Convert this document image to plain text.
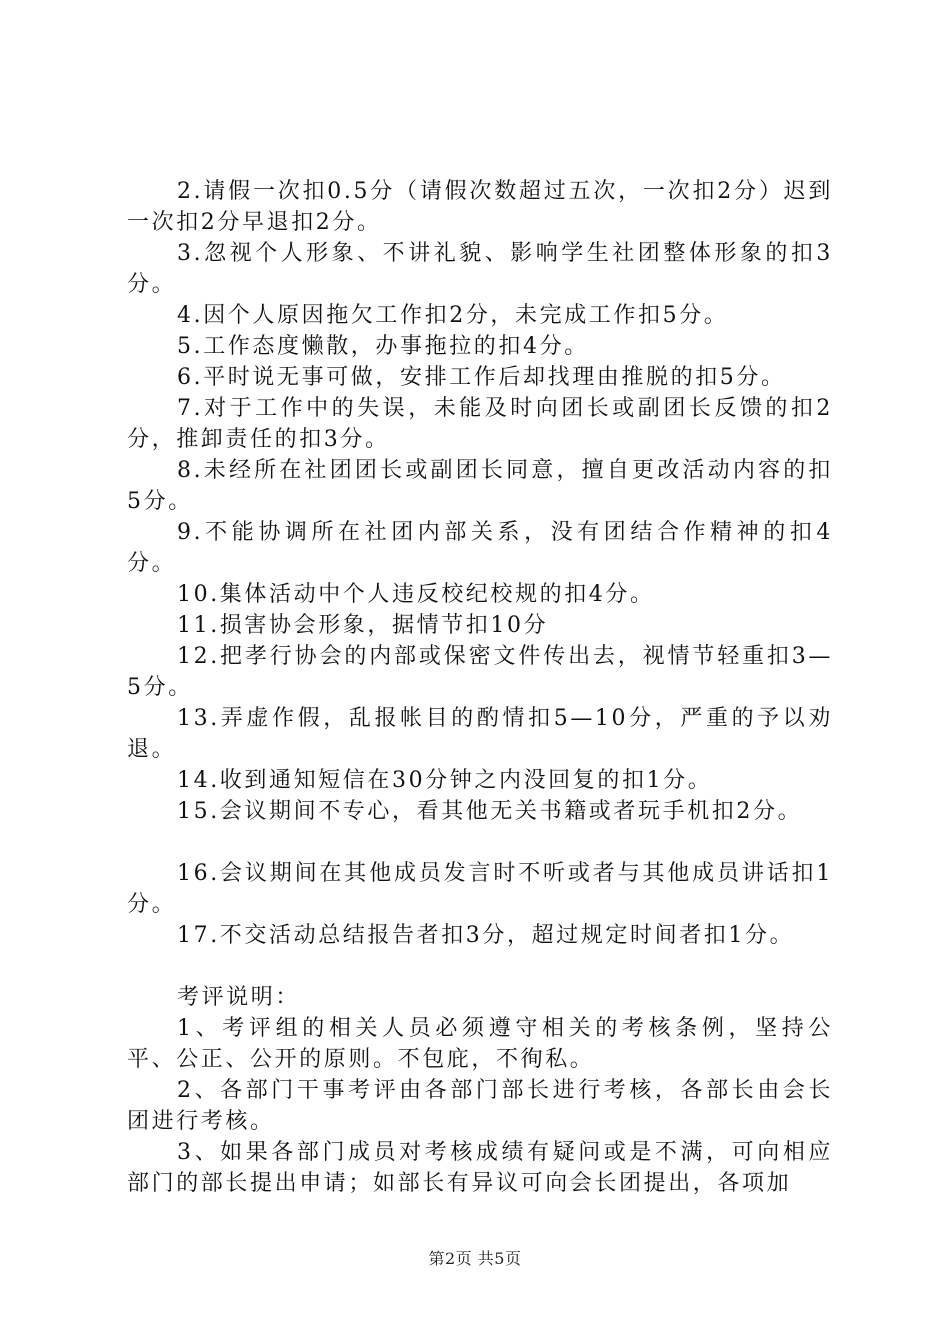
2.请假一次扣0.5分（请假次数超过五次，一次扣2分）迟到一次扣2分早退扣2分。

3.忽视个人形象、不讲礼貌、影响学生社团整体形象的扣3分。

4.因个人原因拖欠工作扣2分，未完成工作扣5分。

5.工作态度懒散，办事拖拉的扣4分。

6.平时说无事可做，安排工作后却找理由推脱的扣5分。

7.对于工作中的失误，未能及时向团长或副团长反馈的扣2分，推卸责任的扣3分。

8.未经所在社团团长或副团长同意，擅自更改活动内容的扣5分。

9.不能协调所在社团内部关系，没有团结合作精神的扣4分。

10.集体活动中个人违反校纪校规的扣4分。

11.损害协会形象，据情节扣10分

12.把孝行协会的内部或保密文件传出去，视情节轻重扣3—5分。

13.弄虚作假，乱报帐目的酌情扣5—10分，严重的予以劝退。

14.收到通知短信在30分钟之内没回复的扣1分。

15.会议期间不专心，看其他无关书籍或者玩手机扣2分。

16.会议期间在其他成员发言时不听或者与其他成员讲话扣1分。

17.不交活动总结报告者扣3分，超过规定时间者扣1分。

考评说明：

1、考评组的相关人员必须遵守相关的考核条例，坚持公平、公正、公开的原则。不包庇，不徇私。

2、各部门干事考评由各部门部长进行考核，各部长由会长团进行考核。

3、如果各部门成员对考核成绩有疑问或是不满，可向相应部门的部长提出申请；如部长有异议可向会长团提出，各项加

第2页 共5页
